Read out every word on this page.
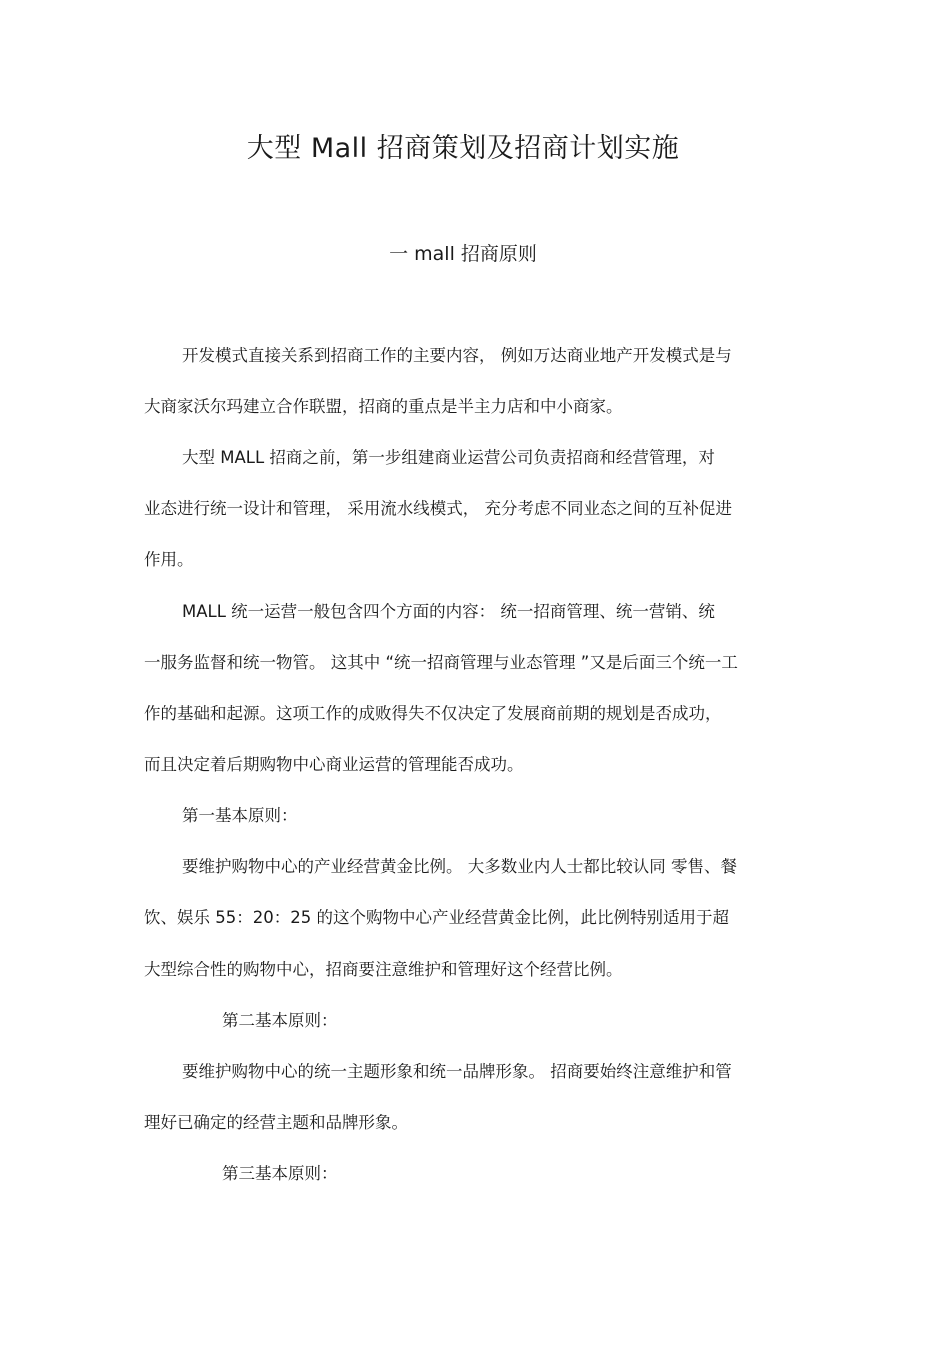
大型 Mall 招商策划及招商计划实施
一 mall 招商原则

开发模式直接关系到招商工作的主要内容， 例如万达商业地产开发模式是与

大商家沃尔玛建立合作联盟，招商的重点是半主力店和中小商家。

大型 MALL 招商之前，第一步组建商业运营公司负责招商和经营管理，对

业态进行统一设计和管理， 采用流水线模式， 充分考虑不同业态之间的互补促进

作用。

MALL 统一运营一般包含四个方面的内容： 统一招商管理、统一营销、统

一服务监督和统一物管。 这其中 “统一招商管理与业态管理 ”又是后面三个统一工

作的基础和起源。这项工作的成败得失不仅决定了发展商前期的规划是否成功，

而且决定着后期购物中心商业运营的管理能否成功。

第一基本原则：

要维护购物中心的产业经营黄金比例。 大多数业内人士都比较认同 零售、餐

饮、娱乐 55：20：25 的这个购物中心产业经营黄金比例，此比例特别适用于超

大型综合性的购物中心，招商要注意维护和管理好这个经营比例。

第二基本原则：

要维护购物中心的统一主题形象和统一品牌形象。 招商要始终注意维护和管

理好已确定的经营主题和品牌形象。

第三基本原则：
